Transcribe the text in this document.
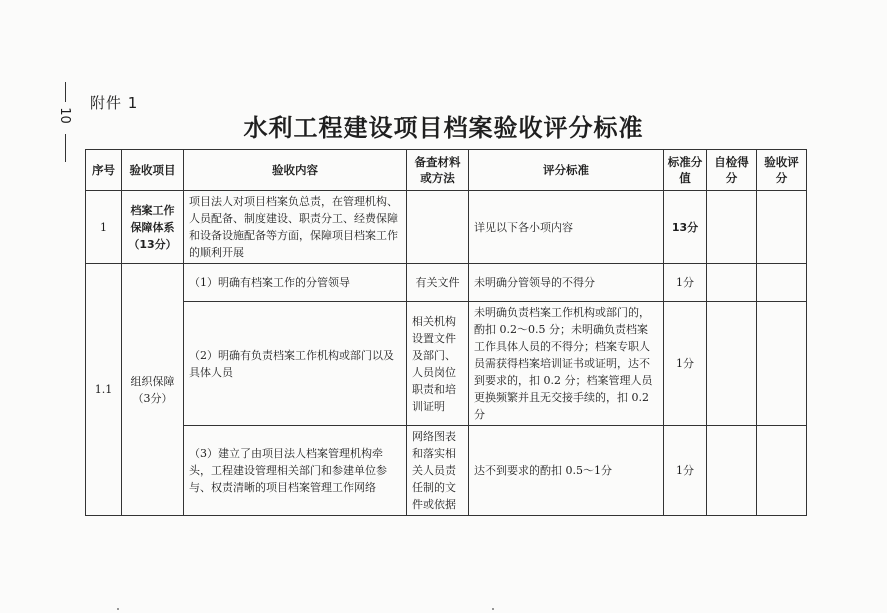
10
附件 1
水利工程建设项目档案验收评分标准
序号	验收项目	验收内容	备查材料或方法	评分标准	标准分值	自检得分	验收评分
1	档案工作保障体系（13分）	项目法人对项目档案负总责，在管理机构、人员配备、制度建设、职责分工、经费保障和设备设施配备等方面，保障项目档案工作的顺利开展		详见以下各小项内容	13分		
1.1	组织保障（3分）	（1）明确有档案工作的分管领导	有关文件	未明确分管领导的不得分	1分		
		（2）明确有负责档案工作机构或部门以及具体人员	相关机构设置文件及部门、人员岗位职责和培训证明	未明确负责档案工作机构或部门的，酌扣 0.2～0.5 分；未明确负责档案工作具体人员的不得分；档案专职人员需获得档案培训证书或证明，达不到要求的，扣 0.2 分；档案管理人员更换频繁并且无交接手续的，扣 0.2 分	1分		
		（3）建立了由项目法人档案管理机构牵头，工程建设管理相关部门和参建单位参与、权责清晰的项目档案管理工作网络	网络图表和落实相关人员责任制的文件或依据	达不到要求的酌扣 0.5～1分	1分		
